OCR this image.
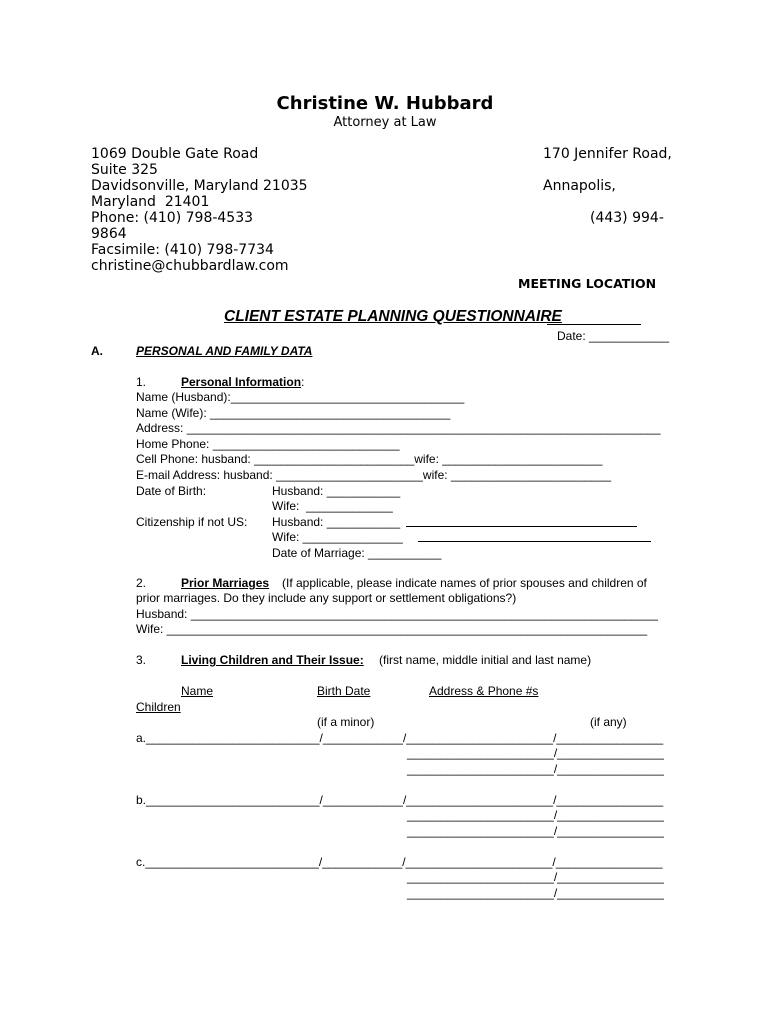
Christine W. Hubbard
Attorney at Law
1069 Double Gate Road
Suite 325
Davidsonville, Maryland 21035
Maryland  21401
Phone: (410) 798-4533
9864
Facsimile: (410) 798-7734
christine@chubbardlaw.com
170 Jennifer Road,
Annapolis,
(443) 994-
MEETING LOCATION
CLIENT ESTATE PLANNING QUESTIONNAIRE
Date: ____________
A.	PERSONAL AND FAMILY DATA
1.	Personal Information:
Name (Husband):___________________________________
Name (Wife): ____________________________________
Address: _______________________________________________________________________
Home Phone: ____________________________
Cell Phone: husband: ________________________wife: ________________________
E-mail Address: husband: ______________________wife: ________________________
Date of Birth:	Husband: ___________
Wife:  _____________
Citizenship if not US: Husband: ___________
Wife: _______________
Date of Marriage: ___________
2.	Prior Marriages (If applicable, please indicate names of prior spouses and children of
prior marriages. Do they include any support or settlement obligations?)
Husband: ______________________________________________________________________
Wife: ________________________________________________________________________
3.	Living Children and Their Issue: (first name, middle initial and last name)
Name	Birth Date	Address & Phone #s
Children
(if a minor)	(if any)
a.__________________________/____________/______________________/________________
______________________/________________
______________________/________________
b.__________________________/____________/______________________/________________
______________________/________________
______________________/________________
c.__________________________/____________/______________________/________________
______________________/________________
______________________/________________
